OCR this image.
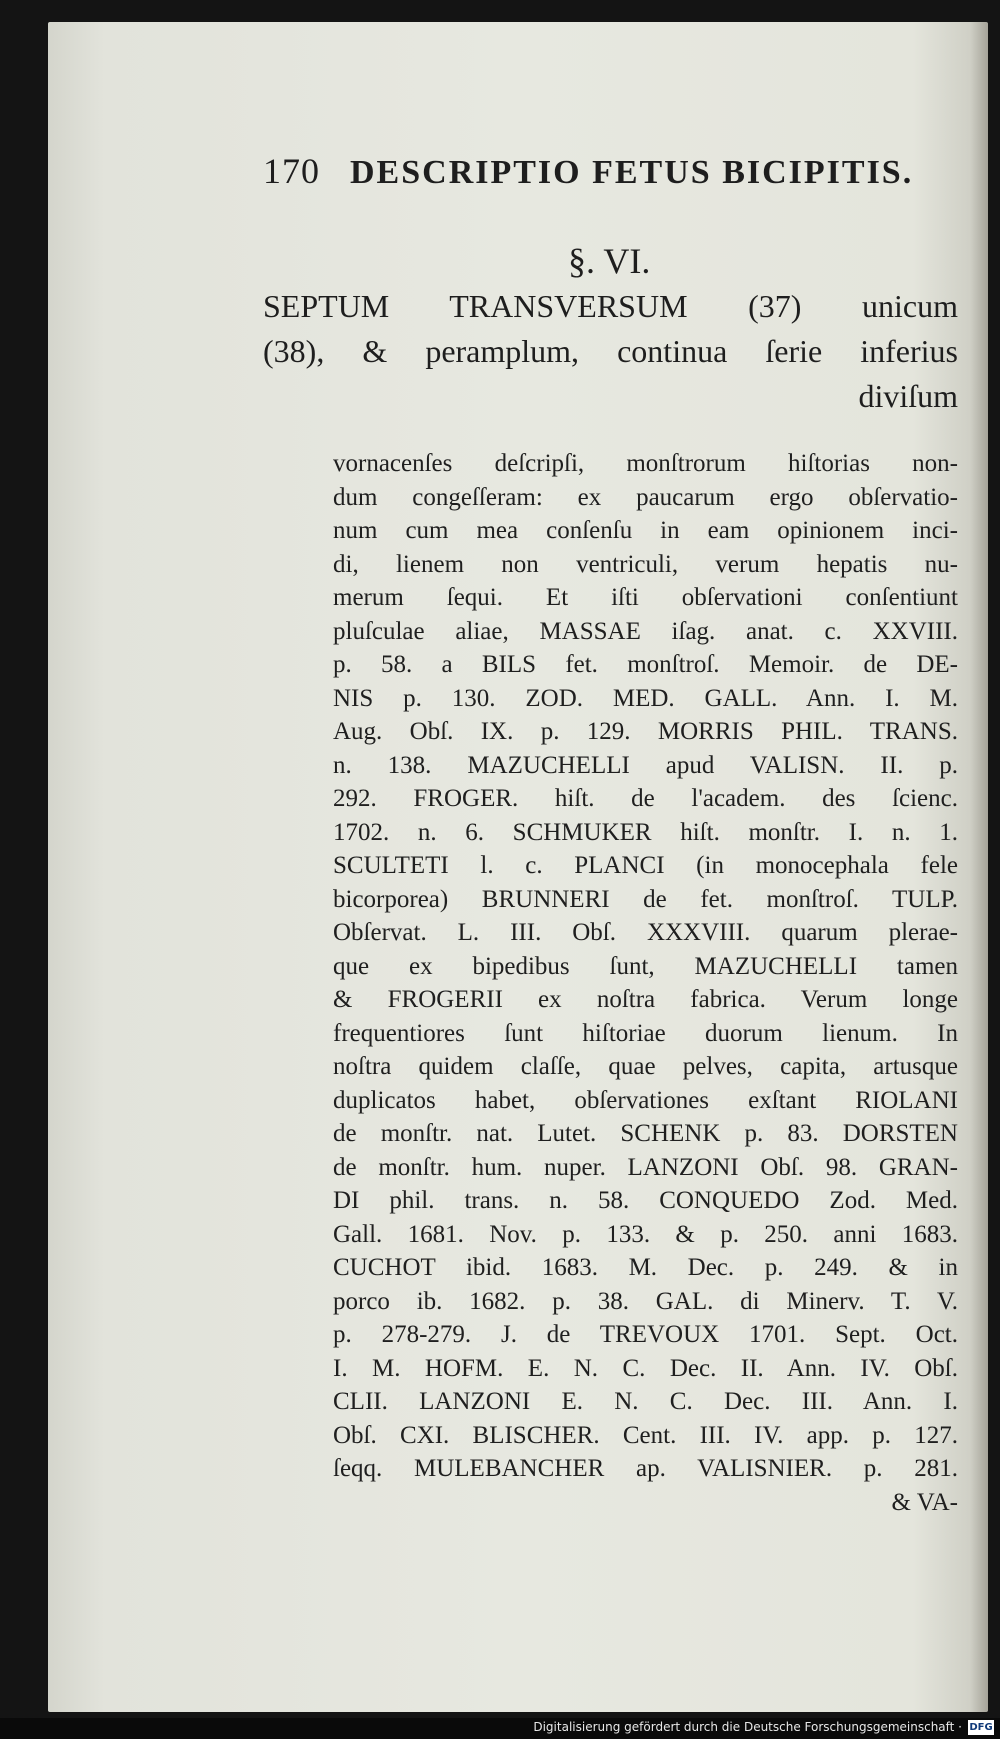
170 DESCRIPTIO FETUS BICIPITIS.
§. VI.
SEPTUM TRANSVERSUM (37) unicum
(38), & peramplum, continua ſerie inferius
diviſum
vornacenſes deſcripſi, monſtrorum hiſtorias non-
dum congeſſeram: ex paucarum ergo obſervatio-
num cum mea conſenſu in eam opinionem inci-
di, lienem non ventriculi, verum hepatis nu-
merum ſequi. Et iſti obſervationi conſentiunt
pluſculae aliae, MASSAE iſag. anat. c. XXVIII.
p. 58. a BILS fet. monſtroſ. Memoir. de DE-
NIS p. 130. ZOD. MED. GALL. Ann. I. M.
Aug. Obſ. IX. p. 129. MORRIS PHIL. TRANS.
n. 138. MAZUCHELLI apud VALISN. II. p.
292. FROGER. hiſt. de l'academ. des ſcienc.
1702. n. 6. SCHMUKER hiſt. monſtr. I. n. 1.
SCULTETI l. c. PLANCI (in monocephala fele
bicorporea) BRUNNERI de fet. monſtroſ. TULP.
Obſervat. L. III. Obſ. XXXVIII. quarum plerae-
que ex bipedibus ſunt, MAZUCHELLI tamen
& FROGERII ex noſtra fabrica. Verum longe
frequentiores ſunt hiſtoriae duorum lienum. In
noſtra quidem claſſe, quae pelves, capita, artusque
duplicatos habet, obſervationes exſtant RIOLANI
de monſtr. nat. Lutet. SCHENK p. 83. DORSTEN
de monſtr. hum. nuper. LANZONI Obſ. 98. GRAN-
DI phil. trans. n. 58. CONQUEDO Zod. Med.
Gall. 1681. Nov. p. 133. & p. 250. anni 1683.
CUCHOT ibid. 1683. M. Dec. p. 249. & in
porco ib. 1682. p. 38. GAL. di Minerv. T. V.
p. 278-279. J. de TREVOUX 1701. Sept. Oct.
I. M. HOFM. E. N. C. Dec. II. Ann. IV. Obſ.
CLII. LANZONI E. N. C. Dec. III. Ann. I.
Obſ. CXI. BLISCHER. Cent. III. IV. app. p. 127.
ſeqq. MULEBANCHER ap. VALISNIER. p. 281.
& VA-
Digitalisierung gefördert durch die Deutsche Forschungsgemeinschaft · DFG
